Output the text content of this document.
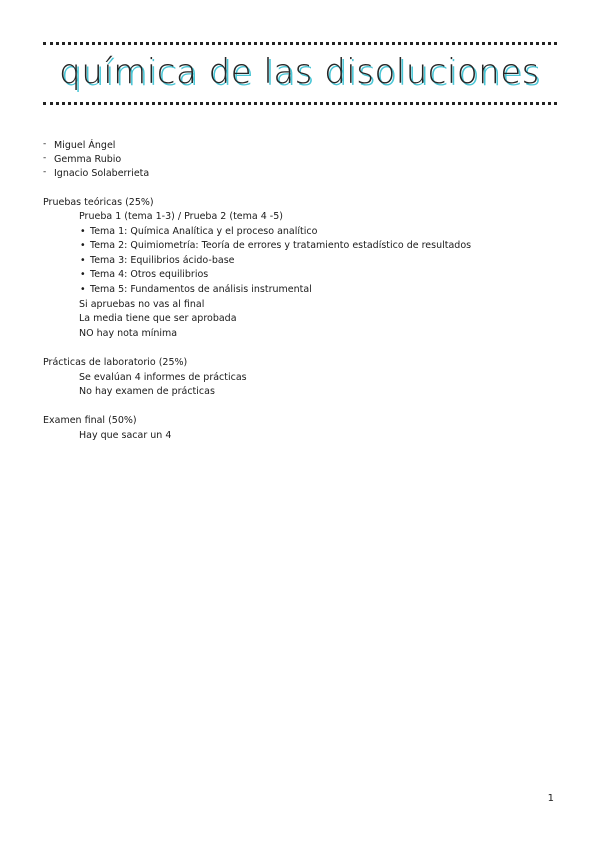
química de las disoluciones
- Miguel Ángel
- Gemma Rubio
- Ignacio Solaberrieta
Pruebas teóricas (25%)
Prueba 1 (tema 1-3) / Prueba 2 (tema 4 -5)
• Tema 1: Química Analítica y el proceso analítico
• Tema 2: Quimiometría: Teoría de errores y tratamiento estadístico de resultados
• Tema 3: Equilibrios ácido-base
• Tema 4: Otros equilibrios
• Tema 5: Fundamentos de análisis instrumental
Si apruebas no vas al final
La media tiene que ser aprobada
NO hay nota mínima
Prácticas de laboratorio (25%)
Se evalúan 4 informes de prácticas
No hay examen de prácticas
Examen final (50%)
Hay que sacar un 4
1
